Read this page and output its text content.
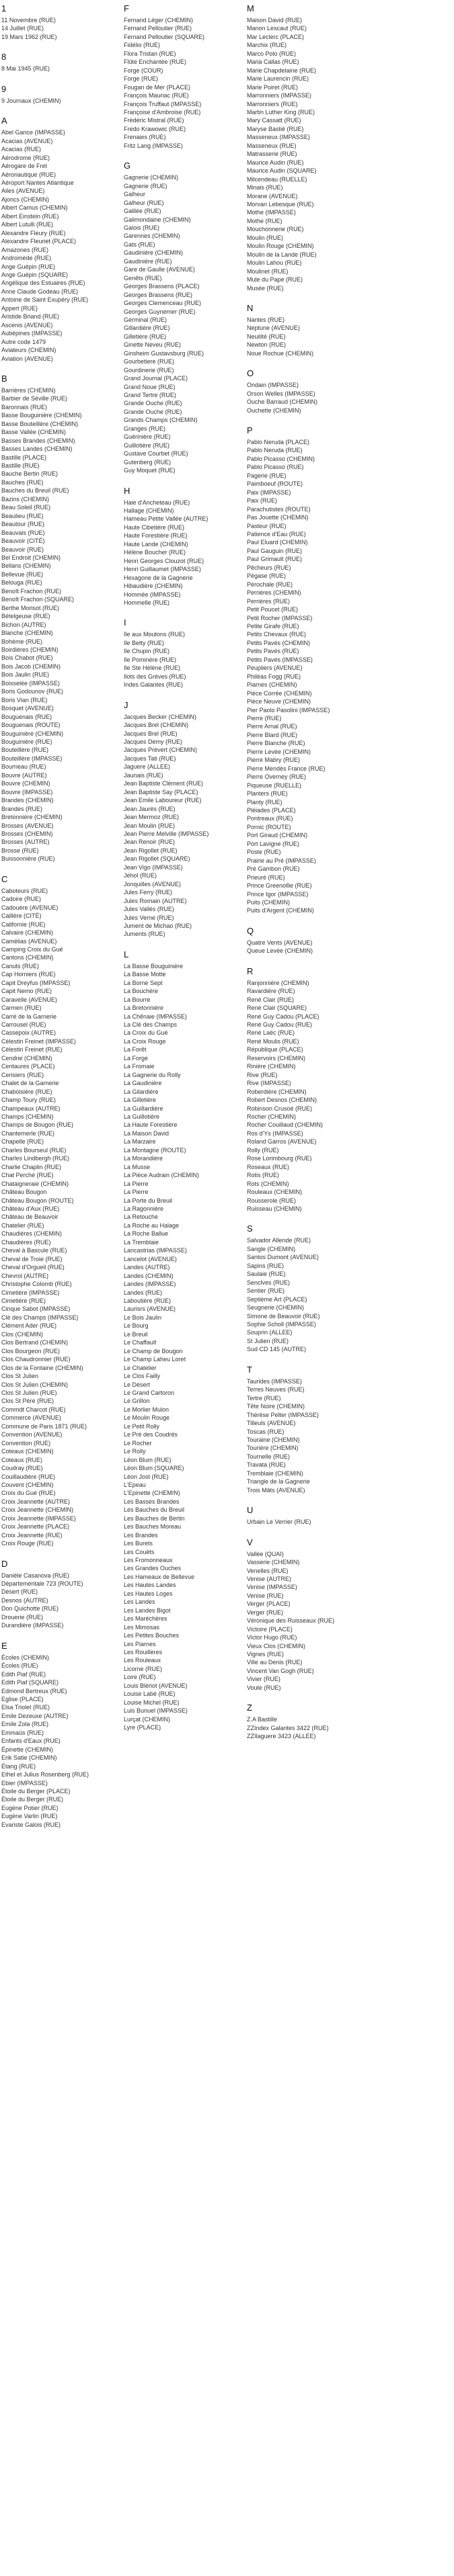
1
11 Novembre (RUE)
14 Juillet (RUE)
19 Mars 1962 (RUE)
8
8 Mai 1945 (RUE)
9
9 Journaux (CHEMIN)
A
Abel Gance (IMPASSE)
Acacias (AVENUE)
Acacias (RUE)
Aérodrome (RUE)
Aérogare de Fret
Aéronautique (RUE)
Aéroport Nantes Atlantique
Ailes (AVENUE)
Ajoncs (CHEMIN)
Albert Camus (CHEMIN)
Albert Einstein (RUE)
Albert Lutulli (RUE)
Alexandre Fleury (RUE)
Alexandre Fleuriet (PLACE)
Amazones (RUE)
Andromède (RUE)
Ange Guépin (RUE)
Ange Guépin (SQUARE)
Angélique des Estuaires (RUE)
Anne Claude Godeau (RUE)
Antoine de Saint Exupéry (RUE)
Appert (RUE)
Aristide Briand (RUE)
Ascenis (AVENUE)
Aubépines (IMPASSE)
Autre code 1479
Aviateurs (CHEMIN)
Aviation (AVENUE)
B
Barrières (CHEMIN)
Barbier de Séville (RUE)
Baronnais (RUE)
Basse Bouguinière (CHEMIN)
Basse Bouteillère (CHEMIN)
Basse Vallée (CHEMIN)
Basses Brandes (CHEMIN)
Basses Landes (CHEMIN)
Bastille (PLACE)
Bastille (RUE)
Bauche Bertin (RUE)
Bauches (RUE)
Bauches du Breuil (RUE)
Bazins (CHEMIN)
Beau Soleil (RUE)
Beaulieu (RUE)
Beautour (RUE)
Beauvais (RUE)
Beauvoir (CITÉ)
Beauvoir (RUE)
Bel Endroit (CHEMIN)
Bellans (CHEMIN)
Bellevue (RUE)
Belouga (RUE)
Benoît Frachon (RUE)
Benoît Frachon (SQUARE)
Berthe Morisot (RUE)
Bételgeuse (RUE)
Bichon (AUTRE)
Blanche (CHEMIN)
Bohème (RUE)
Boirdières (CHEMIN)
Bois Chabot (RUE)
Bois Jacob (CHEMIN)
Bois Jaulin (RUE)
Boisselée (IMPASSE)
Boris Godounov (RUE)
Boris Vian (RUE)
Bosquet (AVENUE)
Bouguenais (RUE)
Bouguenais (ROUTE)
Bouguinière (CHEMIN)
Bouguinière (RUE)
Bouteillère (RUE)
Bouteillère (IMPASSE)
Bourneau (RUE)
Bouvre (AUTRE)
Bouvre (CHEMIN)
Bouvre (IMPASSE)
Brandes (CHEMIN)
Brandes (RUE)
Bretonnière (CHEMIN)
Brosses (AVENUE)
Brosses (CHEMIN)
Brosses (AUTRE)
Brosse (RUE)
Buissonnière (RUE)
C
Caboteurs (RUE)
Cadoire (RUE)
Cadouère (AVENUE)
Caillère (CITÉ)
Californie (RUE)
Calvaire (CHEMIN)
Camélias (AVENUE)
Camping Croix du Gué
Cantons (CHEMIN)
Canuts (RUE)
Cap Horniers (RUE)
Capit Dreyfus (IMPASSE)
Capit Nemo (RUE)
Caravelle (AVENUE)
Carmen (RUE)
Carré de la Garnerie
Carrousel (RUE)
Cassepoix (AUTRE)
Célestin Freinet (IMPASSE)
Célestin Freinet (RUE)
Cendrie (CHEMIN)
Centaures (PLACE)
Cerisiers (RUE)
Chalet de la Garnerie
Chaboisière (RUE)
Champ Toury (RUE)
Champeaux (AUTRE)
Champs (CHEMIN)
Champs de Bougon (RUE)
Chantemerle (RUE)
Chapelle (RUE)
Charles Bourseul (RUE)
Charles Lindbergh (RUE)
Charlie Chaplin (RUE)
Chat Perché (RUE)
Chataigneraie (CHEMIN)
Château Bougon
Château Bougon (ROUTE)
Château d'Aux (RUE)
Château de Beauvoir
Chatelier (RUE)
Chaudières (CHEMIN)
Chaudières (RUE)
Cheval à Bascule (RUE)
Cheval de Troie (RUE)
Cheval d'Orgueil (RUE)
Chevrol (AUTRE)
Christophe Colomb (RUE)
Cimetière (IMPASSE)
Cimetière (RUE)
Cinque Sabot (IMPASSE)
Clé des Champs (IMPASSE)
Clément Ader (RUE)
Clos (CHEMIN)
Clos Bertrand (CHEMIN)
Clos Bourgeon (RUE)
Clos Chaudronnier (RUE)
Clos de la Fontaine (CHEMIN)
Clos St Julien
Clos St Julien (CHEMIN)
Clos St Julien (RUE)
Clos St Père (RUE)
Commdt Charcot (RUE)
Commerce (AVENUE)
Commune de Paris 1871 (RUE)
Convention (AVENUE)
Convention (RUE)
Coteaux (CHEMIN)
Coteaux (RUE)
Coudray (RUE)
Couillaudière (RUE)
Couvent (CHEMIN)
Croix du Gué (RUE)
Croix Jeannette (AUTRE)
Croix Jeannette (CHEMIN)
Croix Jeannette (IMPASSE)
Croix Jeannette (PLACE)
Croix Jeannette (RUE)
Croix Rouge (RUE)
D
Danièle Casanova (RUE)
Départementale 723 (ROUTE)
Désert (RUE)
Desnos (AUTRE)
Don Quichotte (RUE)
Drouerie (RUE)
Durandière (IMPASSE)
E
Écoles (CHEMIN)
Écoles (RUE)
Edith Piaf (RUE)
Edith Piaf (SQUARE)
Edmond Bertreux (RUE)
Eglise (PLACE)
Elsa Triolet (RUE)
Emile Dezeuxe (AUTRE)
Emile Zola (RUE)
Emmaüs (RUE)
Enfants d'Eaux (RUE)
Épinette (CHEMIN)
Erik Satie (CHEMIN)
Étang (RUE)
Ethel et Julius Rosenberg (RUE)
Ebier (IMPASSE)
Étoile du Berger (PLACE)
Étoile du Berger (RUE)
Eugène Potier (RUE)
Eugène Varlin (RUE)
Evariste Galois (RUE)
F
Fernand Léger (CHEMIN)
Fernand Pelloutier (RUE)
Fernand Pelloutier (SQUARE)
Fidélio (RUE)
Flora Tristan (RUE)
Flûte Enchantée (RUE)
Forge (COUR)
Forge (RUE)
Fougan de Mer (PLACE)
François Mauriac (RUE)
François Truffaut (IMPASSE)
Françoise d'Ambroise (RUE)
Frédéric Mistral (RUE)
Fredo Krawowic (RUE)
Frenaies (RUE)
Fritz Lang (IMPASSE)
G
Gagnerie (CHEMIN)
Gagnerie (RUE)
Galheur
Galheur (RUE)
Galilée (RUE)
Galimondaine (CHEMIN)
Galois (RUE)
Garennes (CHEMIN)
Gats (RUE)
Gaudinière (CHEMIN)
Gaudinière (RUE)
Gare de Gaulle (AVENUE)
Genêts (RUE)
Georges Brassens (PLACE)
Georges Brassens (RUE)
Georges Clemenceau (RUE)
Georges Guynemer (RUE)
Germinal (RUE)
Gillardière (RUE)
Gilletière (RUE)
Ginette Neveu (RUE)
Ginsheim Gustavsburg (RUE)
Gourbetiere (RUE)
Gourdinerie (RUE)
Grand Journal (PLACE)
Grand Noue (RUE)
Grand Tertre (RUE)
Grande Ouche (RUE)
Grande Ouche (RUE)
Grands Champs (CHEMIN)
Granges (RUE)
Guérinière (RUE)
Guillotière (RUE)
Gustave Courbet (RUE)
Gutenberg (RUE)
Guy Moquet (RUE)
H
Haie d'Ancheteau (RUE)
Hallage (CHEMIN)
Hameau Petite Vallée (AUTRE)
Haute Cibetière (RUE)
Haute Forestière (RUE)
Haute Lande (CHEMIN)
Hélène Boucher (RUE)
Henri Georges Clouzot (RUE)
Henri Guillaumet (IMPASSE)
Hexagone de la Gagnerie
Hibaudière (CHEMIN)
Hommée (IMPASSE)
Hommelle (RUE)
I
Ile aux Moutons (RUE)
Ile Betty (RUE)
Ile Chupin (RUE)
Ile Pominère (RUE)
Ile Ste Hélène (RUE)
Ilots des Grèves (RUE)
Indes Galantes (RUE)
J
Jacques Becker (CHEMIN)
Jacques Brel (CHEMIN)
Jacques Brel (RUE)
Jacques Demy (RUE)
Jacques Prévert (CHEMIN)
Jacques Tati (RUE)
Jaguere (ALLEE)
Jaunais (RUE)
Jean Baptiste Clément (RUE)
Jean Baptiste Say (PLACE)
Jean Emile Laboureur (RUE)
Jean Jaurès (RUE)
Jean Mermoz (RUE)
Jean Moulin (RUE)
Jean Pierre Melville (IMPASSE)
Jean Renoir (RUE)
Jean Rigollet (RUE)
Jean Rigollet (SQUARE)
Jean Vigo (IMPASSE)
Jéhol (RUE)
Jonquilles (AVENUE)
Jules Ferry (RUE)
Jules Romain (AUTRE)
Jules Vallès (RUE)
Jules Verne (RUE)
Jument de Michao (RUE)
Juments (RUE)
L
La Basse Bouguinière
La Basse Motte
La Borne Sept
La Bouchère
La Bourre
La Bretonnière
La Chênaie (IMPASSE)
La Clé des Champs
La Croix du Gué
La Croix Rouge
La Forêt
La Forge
La Fromaie
La Gagnerie du Rolly
La Gaudinière
La Gilardière
La Gilletière
La Guillardière
La Guillotière
La Haute Forestière
La Maison David
La Marzaire
La Montagne (ROUTE)
La Morandière
La Musse
La Pièce Audrain (CHEMIN)
La Pierre
La Pierre
La Porte du Breuil
La Ragonnière
La Retouche
La Roche au Halage
La Roche Ballue
La Tremblaie
Lancastrias (IMPASSE)
Lancelot (AVENUE)
Landes (AUTRE)
Landes (CHEMIN)
Landes (IMPASSE)
Landes (RUE)
Laboutière (RUE)
Laurisrs (AVENUE)
Le Bois Jaulin
Le Bourg
Le Breuil
Le Chaffault
Le Champ de Bougon
Le Champ Laheu Loret
Le Chatelier
Le Clos Failly
Le Désert
Le Grand Cartoron
Le Grillon
Le Morlier Mulon
Le Moulin Rouge
Le Petit Rolly
Le Pré des Coudrés
Le Rocher
Le Rolly
Léon Blum (RUE)
Léon Blum (SQUARE)
Léon Jost (RUE)
L'Epeau
L'Epinette (CHEMIN)
Les Basses Brandes
Les Bauches du Breuil
Les Bauches de Bertin
Les Bauches Moreau
Les Brandes
Les Burets
Les Couëts
Les Fromonneaux
Les Grandes Ouches
Les Hameaux de Bellevue
Les Hautes Landes
Les Hautes Loges
Les Landes
Les Landes Bigot
Les Maréchères
Les Mimosas
Les Petites Bouches
Les Piarnes
Les Rouillères
Les Rouleaux
Licorne (RUE)
Loire (RUE)
Louis Blériot (AVENUE)
Louise Labé (RUE)
Louise Michel (RUE)
Luis Bunuel (IMPASSE)
Lurçat (CHEMIN)
Lyre (PLACE)
M
Maison David (RUE)
Manon Lescaut (RUE)
Mar Leclerc (PLACE)
Marchix (RUE)
Marco Polo (RUE)
Maria Callas (RUE)
Marie Chapdelaine (RUE)
Marie Laurencin (RUE)
Marie Poiret (RUE)
Marronniers (IMPASSE)
Marronniers (RUE)
Martin Luther King (RUE)
Mary Cassatt (RUE)
Maryse Bastié (RUE)
Masseneux (IMPASSE)
Masseneux (RUE)
Matrasserie (RUE)
Maurice Audin (RUE)
Maurice Audin (SQUARE)
Milcendeau (RUELLE)
Minais (RUE)
Morane (AVENUE)
Morvan Lebesque (RUE)
Mothe (IMPASSE)
Mothe (RUE)
Mouchonnerie (RUE)
Moulin (RUE)
Moulin Rouge (CHEMIN)
Moulin de la Lande (RUE)
Moulin Lahou (RUE)
Moulinet (RUE)
Mule du Pape (RUE)
Musée (RUE)
N
Nantes (RUE)
Neptune (AVENUE)
Neuilité (RUE)
Newton (RUE)
Noue Rochue (CHEMIN)
O
Ondain (IMPASSE)
Orson Welles (IMPASSE)
Ouche Barraud (CHEMIN)
Ouchette (CHEMIN)
P
Pablo Neruda (PLACE)
Pablo Neruda (RUE)
Pablo Picasso (CHEMIN)
Pablo Picasso (RUE)
Pagerie (RUE)
Paimboeuf (ROUTE)
Paix (IMPASSE)
Paix (RUE)
Parachutistes (ROUTE)
Pas Jouette (CHEMIN)
Pasteur (RUE)
Patience d'Eau (RUE)
Paul Eluard (CHEMIN)
Paul Gauguin (RUE)
Paul Grimault (RUE)
Pêcheurs (RUE)
Pégase (RUE)
Pérochale (RUE)
Perrières (CHEMIN)
Perrières (RUE)
Petit Poucet (RUE)
Petit Rocher (IMPASSE)
Petite Girafe (RUE)
Petits Chevaux (RUE)
Petits Pavés (CHEMIN)
Petits Pavés (RUE)
Petits Pavés (IMPASSE)
Peupliers (AVENUE)
Philéas Fogg (RUE)
Piarnes (CHEMIN)
Pièce Corrée (CHEMIN)
Pièce Neuve (CHEMIN)
Pier Paolo Pasolini (IMPASSE)
Pierre (RUE)
Pierre Arnal (RUE)
Pierre Blard (RUE)
Pierre Blanche (RUE)
Pierre Levée (CHEMIN)
Pierre Mabry (RUE)
Pierre Mendès France (RUE)
Pierre Overney (RUE)
Piqueuse (RUELLE)
Planters (RUE)
Planty (RUE)
Pléiades (PLACE)
Pontreaux (RUE)
Pornic (ROUTE)
Port Giraud (CHEMIN)
Port Lavigne (RUE)
Poste (RUE)
Prairie au Pré (IMPASSE)
Pré Gambon (RUE)
Prieuré (RUE)
Prince Greenollie (RUE)
Prince Igor (IMPASSE)
Puits (CHEMIN)
Puits d'Argent (CHEMIN)
Q
Quatre Vents (AVENUE)
Queue Levée (CHEMIN)
R
Ranjonnière (CHEMIN)
Ravardière (RUE)
René Clair (RUE)
René Clair (SQUARE)
René Guy Cadou (PLACE)
René Guy Cadou (RUE)
René Laëc (RUE)
René Moulis (RUE)
République (PLACE)
Reservoirs (CHEMIN)
Rinière (CHEMIN)
Rive (RUE)
Rive (IMPASSE)
Roberdière (CHEMIN)
Robert Desnos (CHEMIN)
Robinson Crusoé (RUE)
Rocher (CHEMIN)
Rocher Couillaud (CHEMIN)
Ros d'Ys (IMPASSE)
Roland Garros (AVENUE)
Rolly (RUE)
Rose Lorimbourg (RUE)
Roseaux (RUE)
Rotis (RUE)
Rots (CHEMIN)
Rouleaux (CHEMIN)
Rousserole (RUE)
Ruisseau (CHEMIN)
S
Salvador Allende (RUE)
Sangle (CHEMIN)
Santos Dumont (AVENUE)
Sapins (RUE)
Saulaie (RUE)
Senclves (RUE)
Sentier (RUE)
Septième Art (PLACE)
Seugnerie (CHEMIN)
Simone de Beauvoir (RUE)
Sophie Scholl (IMPASSE)
Souprin (ALLEE)
St Julien (RUE)
Sud CD 145 (AUTRE)
T
Taurides (IMPASSE)
Terres Neuves (RUE)
Tertre (RUE)
Tête Noire (CHEMIN)
Thérèse Pelter (IMPASSE)
Tilleuls (AVENUE)
Toscas (RUE)
Touraine (CHEMIN)
Tourière (CHEMIN)
Tournelle (RUE)
Travata (RUE)
Tremblaie (CHEMIN)
Triangle de la Gagnerie
Trois Mâts (AVENUE)
U
Urbain Le Verrier (RUE)
V
Vallée (QUAI)
Vasserie (CHEMIN)
Venelles (RUE)
Venise (AUTRE)
Venise (IMPASSE)
Venise (RUE)
Verger (PLACE)
Verger (RUE)
Véronique des Ruisseaux (RUE)
Victoire (PLACE)
Victor Hugo (RUE)
Vieux Clos (CHEMIN)
Vignes (RUE)
Ville au Denis (RUE)
Vincent Van Gogh (RUE)
Vivier (RUE)
Voute (RUE)
Z
Z.A Bastille
ZZIndex Galantes 3422 (RUE)
ZZIlaguere 3423 (ALLEE)
